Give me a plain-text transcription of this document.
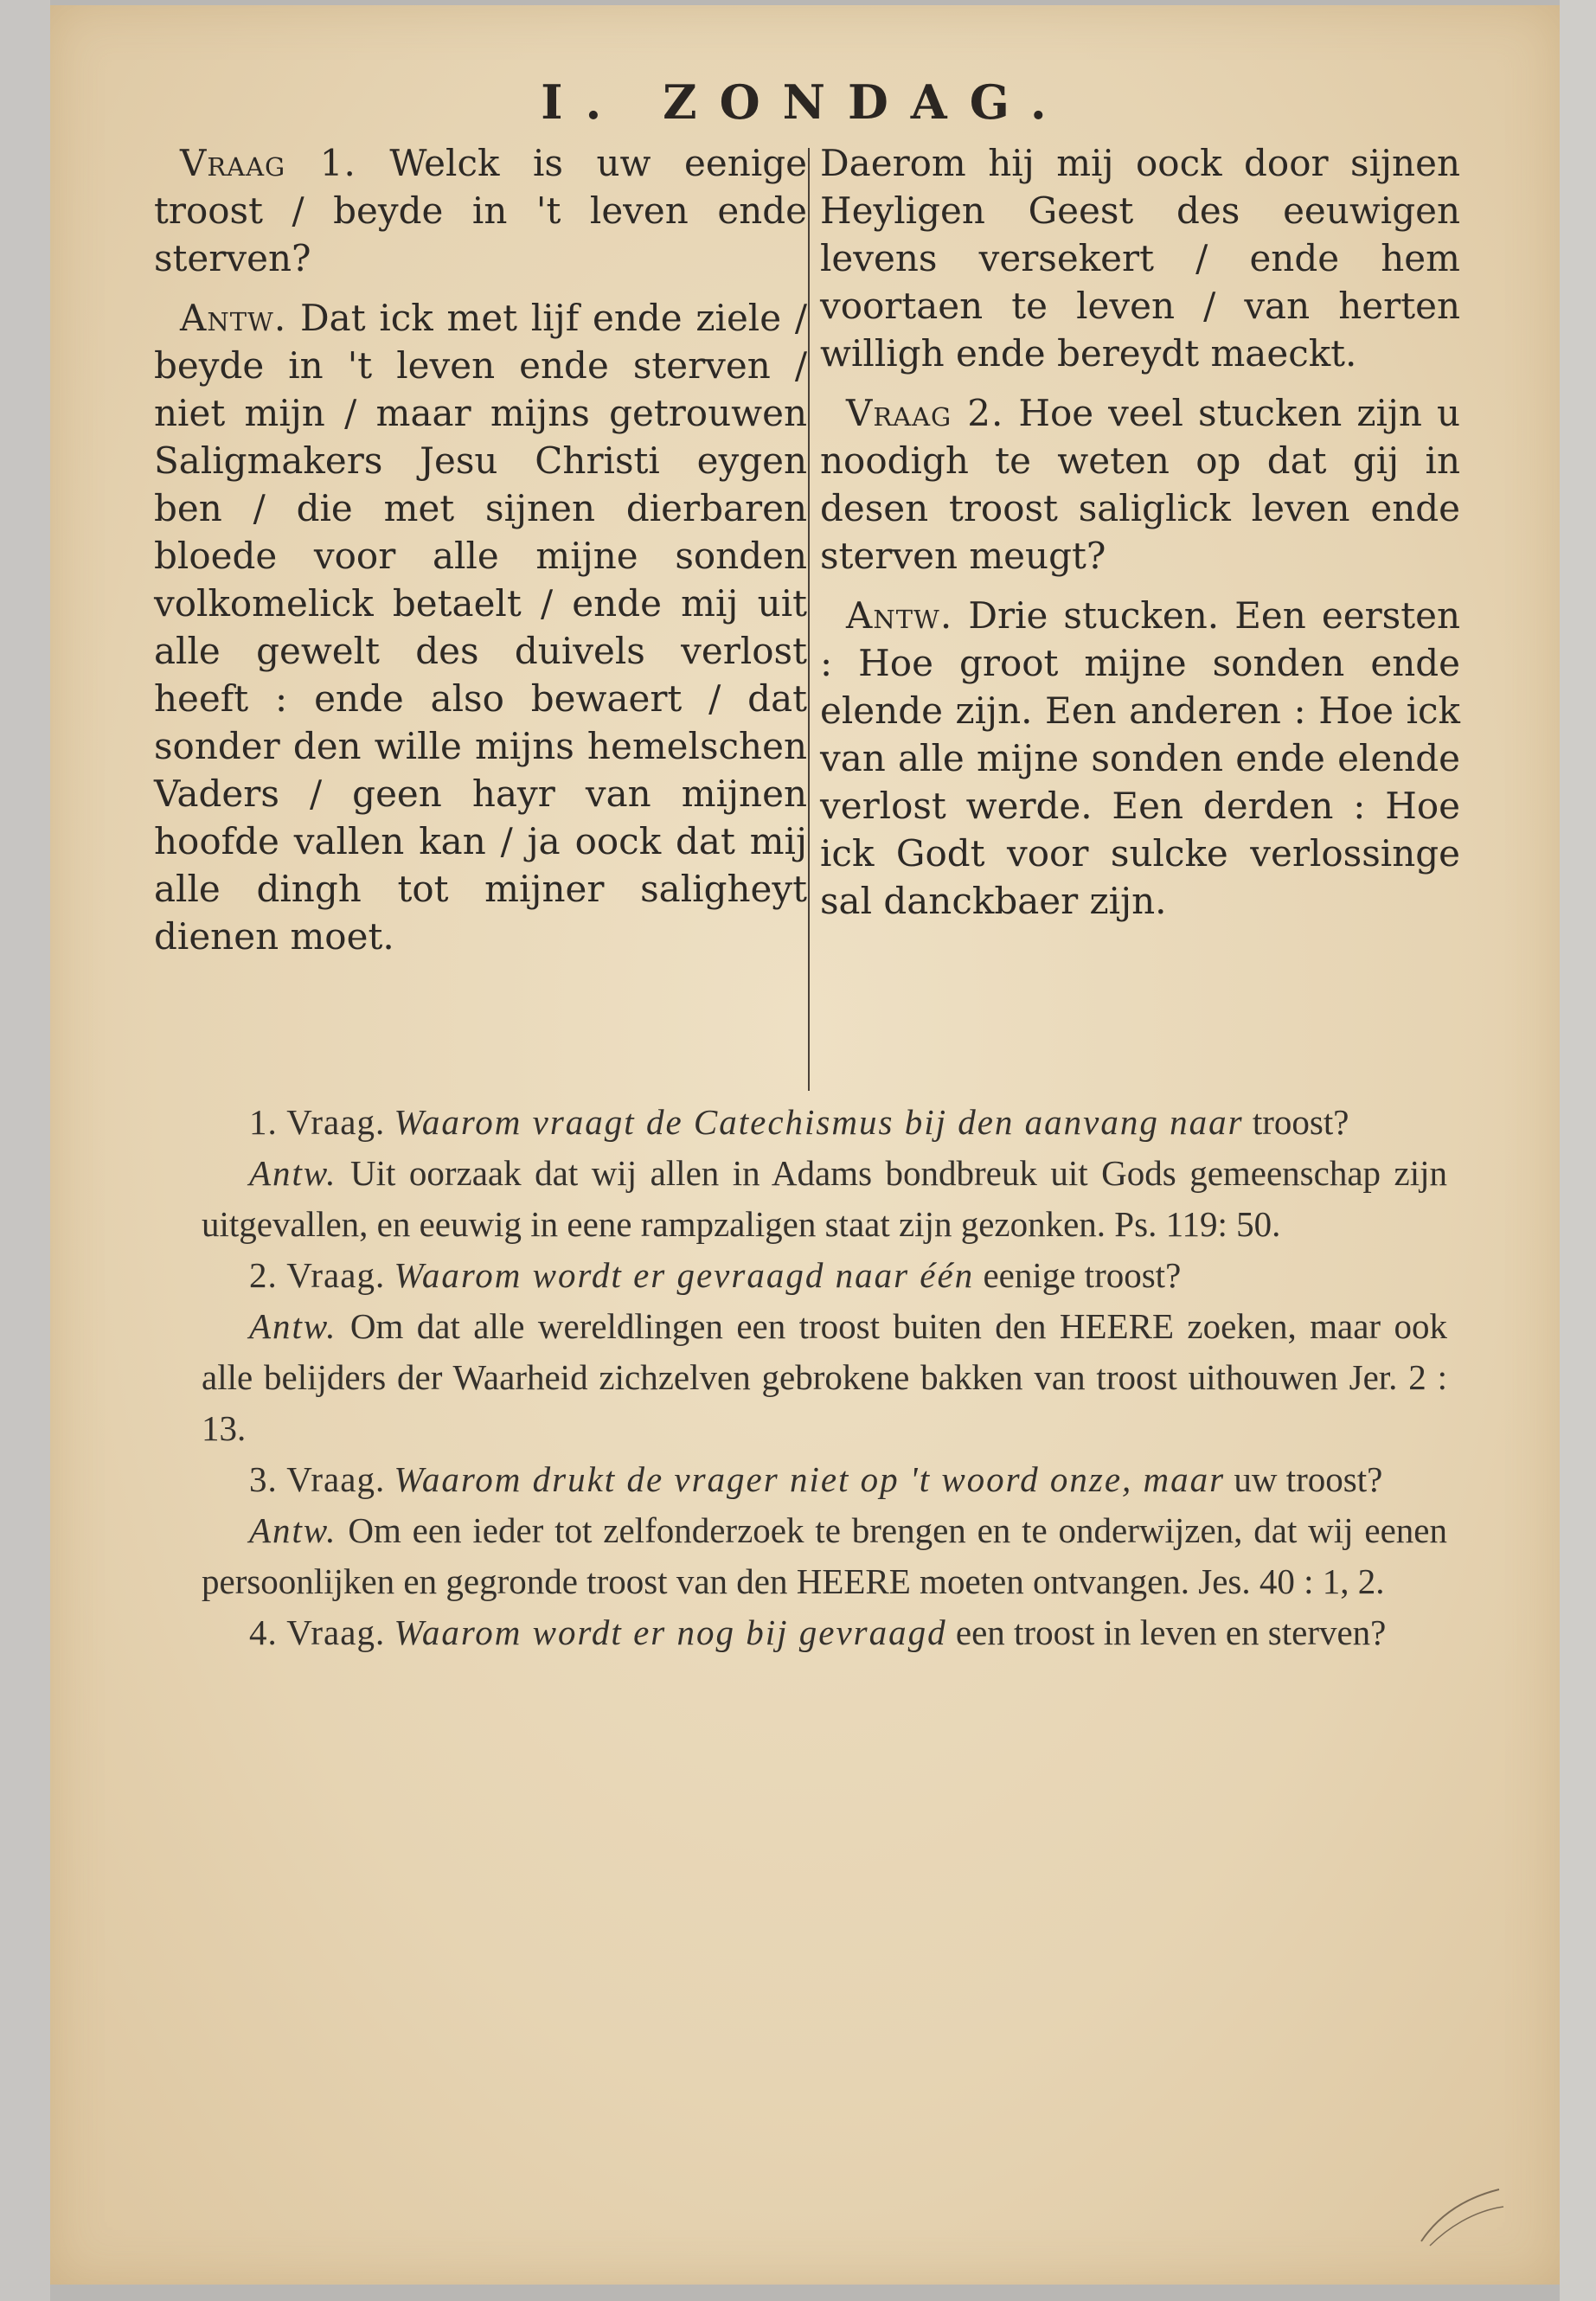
I. ZONDAG.

Vraag 1. Welck is uw eenige troost / beyde in 't leven ende sterven?

Antw. Dat ick met lijf ende ziele / beyde in 't leven ende sterven / niet mijn / maar mijns getrouwen Saligmakers Jesu Christi eygen ben / die met sijnen dierbaren bloede voor alle mijne sonden volkomelick betaelt / ende mij uit alle gewelt des duivels verlost heeft : ende also bewaert / dat sonder den wille mijns hemelschen Vaders / geen hayr van mijnen hoofde vallen kan / ja oock dat mij alle dingh tot mijner saligheyt dienen moet.

Daerom hij mij oock door sijnen Heyligen Geest des eeuwigen levens versekert / ende hem voortaen te leven / van herten willigh ende bereydt maeckt.

Vraag 2. Hoe veel stucken zijn u noodigh te weten op dat gij in desen troost saliglick leven ende sterven meugt?

Antw. Drie stucken. Een eersten : Hoe groot mijne sonden ende elende zijn. Een anderen : Hoe ick van alle mijne sonden ende elende verlost werde. Een derden : Hoe ick Godt voor sulcke verlossinge sal danckbaer zijn.

1. Vraag. Waarom vraagt de Catechismus bij den aanvang naar troost?

Antw. Uit oorzaak dat wij allen in Adams bondbreuk uit Gods gemeenschap zijn uitgevallen, en eeuwig in eene rampzaligen staat zijn gezonken. Ps. 119: 50.

2. Vraag. Waarom wordt er gevraagd naar één eenige troost?

Antw. Om dat alle wereldlingen een troost buiten den HEERE zoeken, maar ook alle belijders der Waarheid zichzelven gebrokene bakken van troost uithouwen Jer. 2 : 13.

3. Vraag. Waarom drukt de vrager niet op 't woord onze, maar uw troost?

Antw. Om een ieder tot zelfonderzoek te brengen en te onderwijzen, dat wij eenen persoonlijken en gegronde troost van den HEERE moeten ontvangen. Jes. 40 : 1, 2.

4. Vraag. Waarom wordt er nog bij gevraagd een troost in leven en sterven?
